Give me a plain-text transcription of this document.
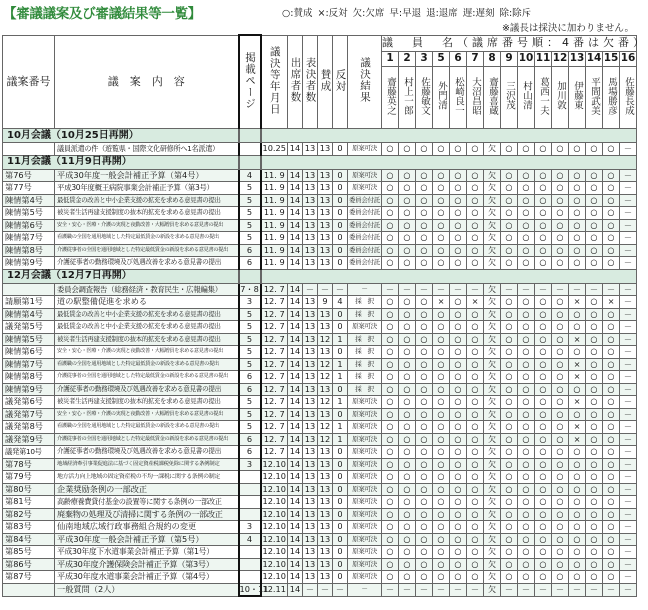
【審議議案及び審議結果等一覧】	○:賛成 ×:反対 欠:欠席 早:早退 退:退席 遅:遅刻 除:除斥
※議長は採決に加わりません。
議案番号	議　案　内　容	掲載ページ	議決等年月日	出席者数	表決者数	賛成	反対	議決結果	議　員　名（議席番号順：4番は欠番）														
									1	2	3	5	6	7	8	9	10	11	12	13	14	15	16
									齋藤英之	村上一郎	佐藤敏文	外門清	松崎良一	大沼昌昭	齋藤喜蔵	三沢茂	村山清	葛西一夫	加川敦	伊藤東	平間武美	馬場勝彦	佐藤長成
10月会議（10月25日再開）																							
	議員派遣の件（遊覧県・国際文化研修所へ1名派遣）		10.25	14	13	13	0	原案可決	○	○	○	○	○	○	欠	○	○	○	○	○	○	○	－
11月会議（11月9日再開）																							
第76号	平成30年度一般会計補正予算（第4号）	4	11. 9	14	13	13	0	原案可決	○	○	○	○	○	○	欠	○	○	○	○	○	○	○	－
第77号	平成30年度概王病院事業会計補正予算（第3号）	5	11. 9	14	13	13	0	原案可決	○	○	○	○	○	○	欠	○	○	○	○	○	○	○	－
陳情第4号	最低賃金の改善と中小企業支援の拡充を求める意見書の提出	5	11. 9	14	13	13	0	委員会付託	○	○	○	○	○	○	欠	○	○	○	○	○	○	○	－
陳情第5号	被災者生活再建支援制度の抜本的拡充を求める意見書の提出	5	11. 9	14	13	13	0	委員会付託	○	○	○	○	○	○	欠	○	○	○	○	○	○	○	－
陳情第6号	安全・安心・医療・介護の実現と夜勤改善・大幅増員を求める意見書の提出	5	11. 9	14	13	13	0	委員会付託	○	○	○	○	○	○	欠	○	○	○	○	○	○	○	－
陳情第7号	看護職の全国を通用地域とした特定最低賃金の新設を求める意見書の提出	5	11. 9	14	13	13	0	委員会付託	○	○	○	○	○	○	欠	○	○	○	○	○	○	○	－
陳情第8号	介護従事者の全国を通用地域とした特定最低賃金の新設を求める意見書の提出	6	11. 9	14	13	13	0	委員会付託	○	○	○	○	○	○	欠	○	○	○	○	○	○	○	－
陳情第9号	介護従事者の勤務環境及び処遇改善を求める意見書の提出	6	11. 9	14	13	13	0	委員会付託	○	○	○	○	○	○	欠	○	○	○	○	○	○	○	－
12月会議（12月7日再開）																							
	委員会調査報告（総務経済・教育民生・広報編集）	7・8	12. 7	14	－	－	－	－	－	－	－	－	－	－	欠	－	－	－	－	－	－	－	－
請願第1号	道の駅整備促進を求める	3	12. 7	14	13	9	4	採　択	○	○	○	×	○	×	欠	○	○	○	○	×	○	×	－
陳情第4号	最低賃金の改善と中小企業支援の拡充を求める意見書の提出	5	12. 7	14	13	13	0	採　択	○	○	○	○	○	○	欠	○	○	○	○	○	○	○	－
議発第5号	最低賃金の改善と中小企業支援の拡充を求める意見書の提出	5	12. 7	14	13	13	0	原案可決	○	○	○	○	○	○	欠	○	○	○	○	○	○	○	－
陳情第5号	被災者生活再建支援制度の抜本的拡充を求める意見書の提出	5	12. 7	14	13	12	1	採　択	○	○	○	○	○	○	欠	○	○	○	○	×	○	○	－
陳情第6号	安全・安心・医療・介護の実現と夜勤改善・大幅増員を求める意見書の提出	5	12. 7	14	13	13	0	採　択	○	○	○	○	○	○	欠	○	○	○	○	○	○	○	－
陳情第7号	看護職の全国を通用地域とした特定最低賃金の新設を求める意見書の提出	5	12. 7	14	13	12	1	採　択	○	○	○	○	○	○	欠	○	○	○	○	×	○	○	－
陳情第8号	介護従事者の全国を通用地域とした特定最低賃金の新設を求める意見書の提出	6	12. 7	14	13	12	1	採　択	○	○	○	○	○	○	欠	○	○	○	○	×	○	○	－
陳情第9号	介護従事者の勤務環境及び処遇改善を求める意見書の提出	6	12. 7	14	13	13	0	採　択	○	○	○	○	○	○	欠	○	○	○	○	○	○	○	－
議発第6号	被災者生活再建支援制度の抜本的拡充を求める意見書の提出	5	12. 7	14	13	12	1	原案可決	○	○	○	○	○	○	欠	○	○	○	○	×	○	○	－
議発第7号	安全・安心・医療・介護の実現と夜勤改善・大幅増員を求める意見書の提出	5	12. 7	14	13	13	0	原案可決	○	○	○	○	○	○	欠	○	○	○	○	○	○	○	－
議発第8号	看護職の全国を通用地域とした特定最低賃金の新設を求める意見書の提出	5	12. 7	14	13	12	1	原案可決	○	○	○	○	○	○	欠	○	○	○	○	×	○	○	－
議発第9号	介護従事者の全国を通用地域とした特定最低賃金の新設を求める意見書の提出	6	12. 7	14	13	12	1	原案可決	○	○	○	○	○	○	欠	○	○	○	○	×	○	○	－
議発第10号	介護従事者の勤務環境及び処遇改善を求める意見書の提出	6	12. 7	14	13	13	0	原案可決	○	○	○	○	○	○	欠	○	○	○	○	○	○	○	－
第78号	地域経済牽引事業促進法に基づく固定資産税課税免除に関する条例制定	3	12.10	14	13	13	0	原案可決	○	○	○	○	○	○	欠	○	○	○	○	○	○	○	－
第79号	地方活力向上地域の固定資産税の不均一課税に関する条例の制定		12.10	14	13	13	0	原案可決	○	○	○	○	○	○	欠	○	○	○	○	○	○	○	－
第80号	企業奨励条例の一部改正		12.10	14	13	13	0	原案可決	○	○	○	○	○	○	欠	○	○	○	○	○	○	○	－
第81号	高齢療養費貸付基金の設置等に関する条例の一部改正		12.10	14	13	13	0	原案可決	○	○	○	○	○	○	欠	○	○	○	○	○	○	○	－
第82号	廃棄物の処理及び清掃に関する条例の一部改正		12.10	14	13	13	0	原案可決	○	○	○	○	○	○	欠	○	○	○	○	○	○	○	－
第83号	仙南地域広域行政事務組合規約の変更	3	12.10	14	13	13	0	原案可決	○	○	○	○	○	○	欠	○	○	○	○	○	○	○	－
第84号	平成30年度一般会計補正予算（第5号）	4	12.10	14	13	13	0	原案可決	○	○	○	○	○	○	欠	○	○	○	○	○	○	○	－
第85号	平成30年度下水道事業会計補正予算（第1号）		12.10	14	13	13	0	原案可決	○	○	○	○	○	○	欠	○	○	○	○	○	○	○	－
第86号	平成30年度介護保険会計補正予算（第3号）		12.10	14	13	13	0	原案可決	○	○	○	○	○	○	欠	○	○	○	○	○	○	○	－
第87号	平成30年度水道事業会計補正予算（第4号）		12.10	14	13	13	0	原案可決	○	○	○	○	○	○	欠	○	○	○	○	○	○	○	－
	一般質問（2人）	10・11	12.11	14	－	－	－	－	－	－	－	－	－	－	欠	－	－	－	－	－	－	－	－
